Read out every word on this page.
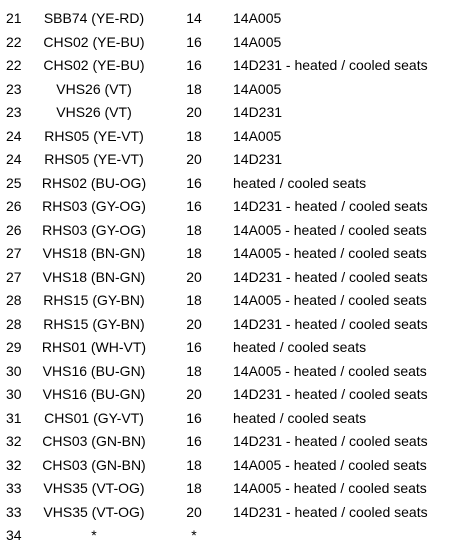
21	SBB74 (YE-RD)	14	14A005
22	CHS02 (YE-BU)	16	14A005
22	CHS02 (YE-BU)	16	14D231 - heated / cooled seats
23	VHS26 (VT)	18	14A005
23	VHS26 (VT)	20	14D231
24	RHS05 (YE-VT)	18	14A005
24	RHS05 (YE-VT)	20	14D231
25	RHS02 (BU-OG)	16	heated / cooled seats
26	RHS03 (GY-OG)	16	14D231 - heated / cooled seats
26	RHS03 (GY-OG)	18	14A005 - heated / cooled seats
27	VHS18 (BN-GN)	18	14A005 - heated / cooled seats
27	VHS18 (BN-GN)	20	14D231 - heated / cooled seats
28	RHS15 (GY-BN)	18	14A005 - heated / cooled seats
28	RHS15 (GY-BN)	20	14D231 - heated / cooled seats
29	RHS01 (WH-VT)	16	heated / cooled seats
30	VHS16 (BU-GN)	18	14A005 - heated / cooled seats
30	VHS16 (BU-GN)	20	14D231 - heated / cooled seats
31	CHS01 (GY-VT)	16	heated / cooled seats
32	CHS03 (GN-BN)	16	14D231 - heated / cooled seats
32	CHS03 (GN-BN)	18	14A005 - heated / cooled seats
33	VHS35 (VT-OG)	18	14A005 - heated / cooled seats
33	VHS35 (VT-OG)	20	14D231 - heated / cooled seats
34	*	*
